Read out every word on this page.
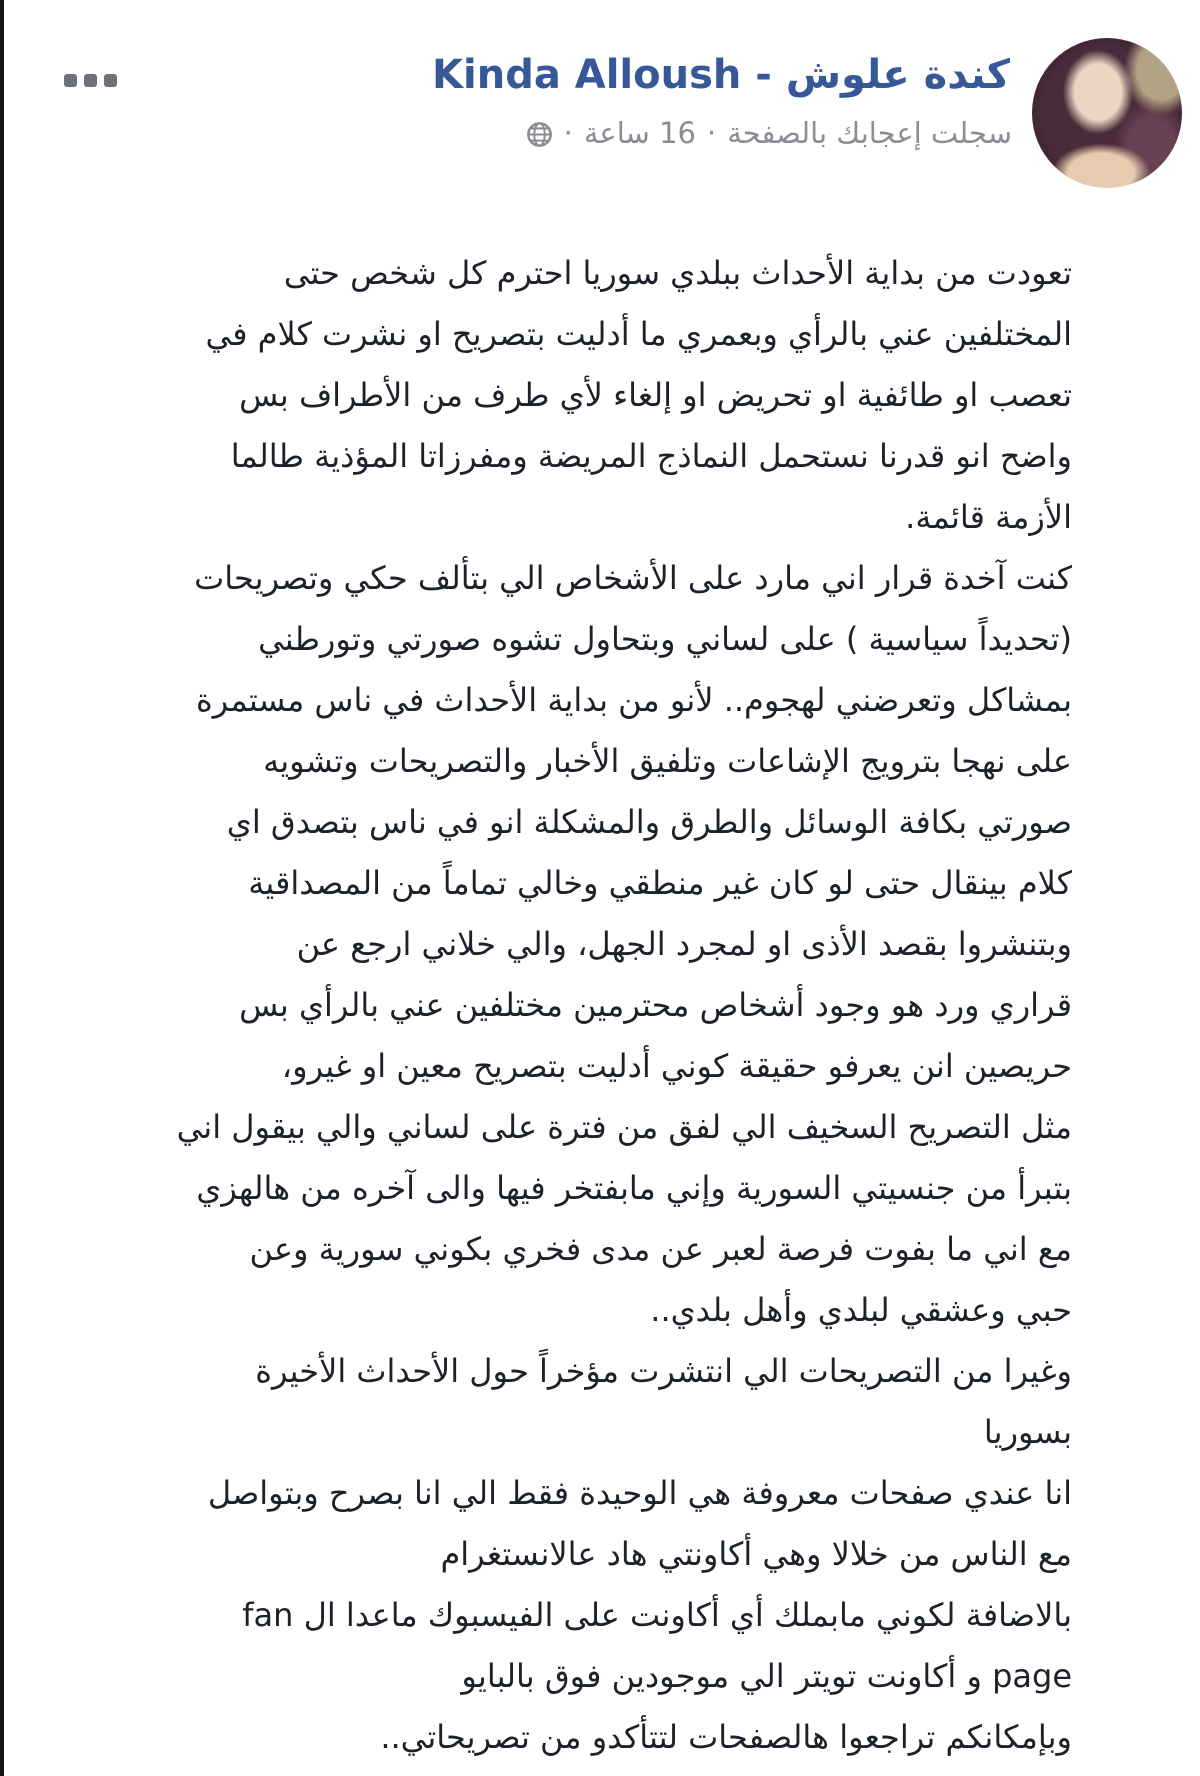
كندة علوش - Kinda Alloush
سجلت إعجابك بالصفحة
·
16 ساعة
·
تعودت من بداية الأحداث ببلدي سوريا احترم كل شخص حتى
المختلفين عني بالرأي وبعمري ما أدليت بتصريح او نشرت كلام في
تعصب او طائفية او تحريض او إلغاء لأي طرف من الأطراف بس
واضح انو قدرنا نستحمل النماذج المريضة ومفرزاتا المؤذية طالما
الأزمة قائمة.
كنت آخدة قرار اني مارد على الأشخاص الي بتألف حكي وتصريحات
(تحديداً سياسية ) على لساني وبتحاول تشوه صورتي وتورطني
بمشاكل وتعرضني لهجوم.. لأنو من بداية الأحداث في ناس مستمرة
على نهجا بترويج الإشاعات وتلفيق الأخبار والتصريحات وتشويه
صورتي بكافة الوسائل والطرق والمشكلة انو في ناس بتصدق اي
كلام بينقال حتى لو كان غير منطقي وخالي تماماً من المصداقية
وبتنشروا بقصد الأذى او لمجرد الجهل، والي خلاني ارجع عن
قراري ورد هو وجود أشخاص محترمين مختلفين عني بالرأي بس
حريصين انن يعرفو حقيقة كوني أدليت بتصريح معين او غيرو،
مثل التصريح السخيف الي لفق من فترة على لساني والي بيقول اني
بتبرأ من جنسيتي السورية وإني مابفتخر فيها والى آخره من هالهزي
مع اني ما بفوت فرصة لعبر عن مدى فخري بكوني سورية وعن
حبي وعشقي لبلدي وأهل بلدي..
وغيرا من التصريحات الي انتشرت مؤخراً حول الأحداث الأخيرة
بسوريا
انا عندي صفحات معروفة هي الوحيدة فقط الي انا بصرح وبتواصل
مع الناس من خلالا وهي أكاونتي هاد عالانستغرام
بالاضافة لكوني مابملك أي أكاونت على الفيسبوك ماعدا ال fan
page و أكاونت تويتر الي موجودين فوق بالبايو
وبإمكانكم تراجعوا هالصفحات لتتأكدو من تصريحاتي..
